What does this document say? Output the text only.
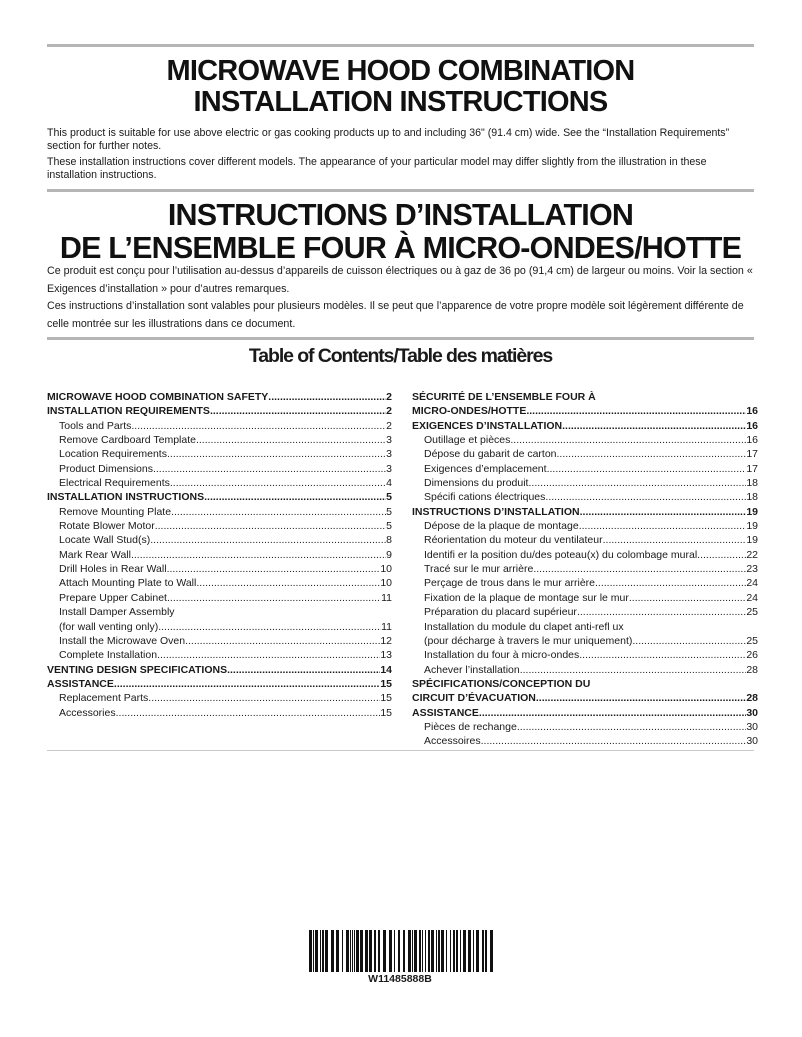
MICROWAVE HOOD COMBINATION
INSTALLATION INSTRUCTIONS

This product is suitable for use above electric or gas cooking products up to and including 36" (91.4 cm) wide. See the “Installation Requirements” section for further notes.

These installation instructions cover different models. The appearance of your particular model may differ slightly from the illustration in these installation instructions.

INSTRUCTIONS D’INSTALLATION
DE L’ENSEMBLE FOUR À MICRO-ONDES/HOTTE

Ce produit est conçu pour l’utilisation au-dessus d’appareils de cuisson électriques ou à gaz de 36 po (91,4 cm) de largeur ou moins. Voir la section « Exigences d’installation » pour d’autres remarques.

Ces instructions d’installation sont valables pour plusieurs modèles. Il se peut que l’apparence de votre propre modèle soit légèrement différente de celle montrée sur les illustrations dans ce document.

Table of Contents/Table des matières
MICROWAVE HOOD COMBINATION SAFETY .....	2
INSTALLATION REQUIREMENTS .....	2
Tools and Parts .....	2
Remove Cardboard Template .....	3
Location Requirements .....	3
Product Dimensions .....	3
Electrical Requirements .....	4
INSTALLATION INSTRUCTIONS .....	5
Remove Mounting Plate .....	5
Rotate Blower Motor .....	5
Locate Wall Stud(s) .....	8
Mark Rear Wall .....	9
Drill Holes in Rear Wall .....	10
Attach Mounting Plate to Wall .....	10
Prepare Upper Cabinet .....	11
Install Damper Assembly
(for wall venting only) .....	11
Install the Microwave Oven .....	12
Complete Installation .....	13
VENTING DESIGN SPECIFICATIONS .....	14
ASSISTANCE .....	15
Replacement Parts .....	15
Accessories .....	15
SÉCURITÉ DE L’ENSEMBLE FOUR À
MICRO-ONDES/HOTTE .....	16
EXIGENCES D’INSTALLATION .....	16
Outillage et pièces .....	16
Dépose du gabarit de carton .....	17
Exigences d’emplacement .....	17
Dimensions du produit .....	18
Spécifi cations électriques .....	18
INSTRUCTIONS D’INSTALLATION .....	19
Dépose de la plaque de montage .....	19
Réorientation du moteur du ventilateur .....	19
Identifi er la position du/des poteau(x) du colombage mural .....	22
Tracé sur le mur arrière .....	23
Perçage de trous dans le mur arrière .....	24
Fixation de la plaque de montage sur le mur .....	24
Préparation du placard supérieur .....	25
Installation du module du clapet anti-refl ux
(pour décharge à travers le mur uniquement) .....	25
Installation du four à micro-ondes .....	26
Achever l’installation .....	28
SPÉCIFICATIONS/CONCEPTION DU
CIRCUIT D’ÉVACUATION .....	28
ASSISTANCE .....	30
Pièces de rechange .....	30
Accessoires .....	30
W11485888B
